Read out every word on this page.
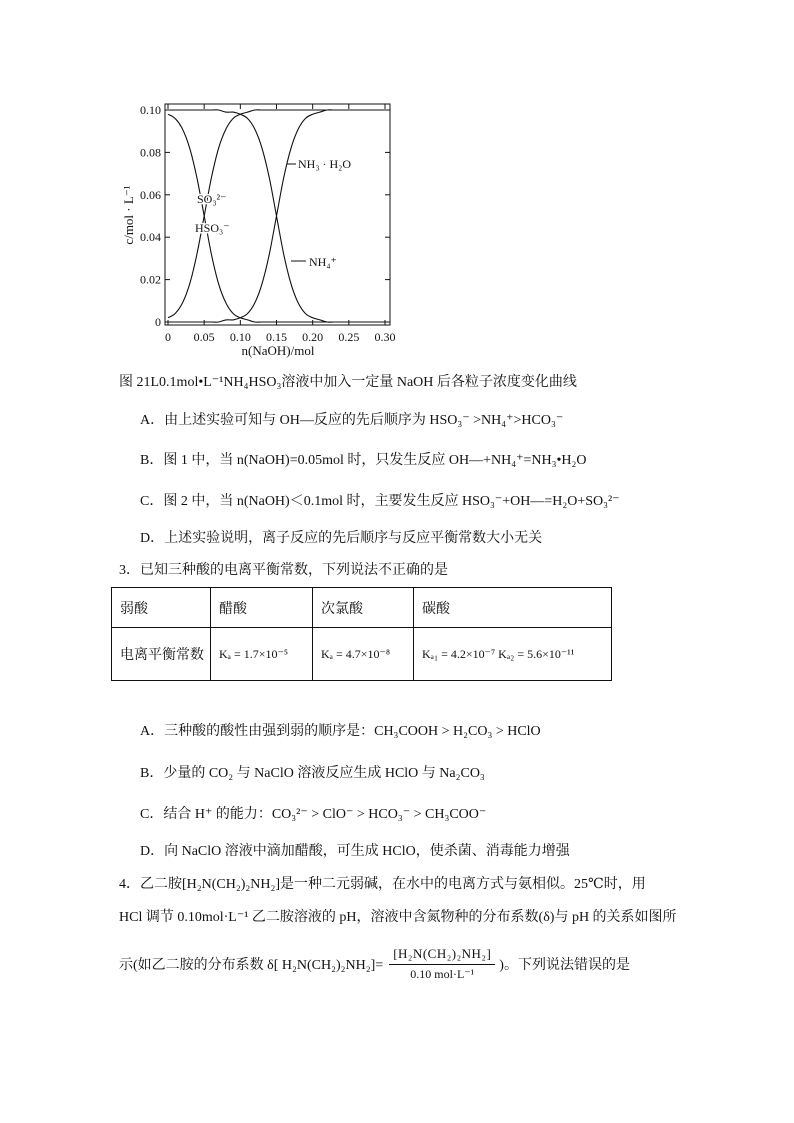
0
0.02
0.04
0.06
0.08
0.10
0 0.05 0.10 0.15 0.20 0.25 0.30
NH₃ · H₂O
SO₃²⁻
HSO₃⁻
NH₄⁺
c/mol · L⁻¹
n(NaOH)/mol
图 21L0.1mol•L⁻¹NH₄HSO₃溶液中加入一定量 NaOH 后各粒子浓度变化曲线
A．由上述实验可知与 OH—反应的先后顺序为 HSO₃⁻ >NH₄⁺>HCO₃⁻
B．图 1 中，当 n(NaOH)=0.05mol 时，只发生反应 OH—+NH₄⁺=NH₃•H₂O
C．图 2 中，当 n(NaOH)＜0.1mol 时，主要发生反应 HSO₃⁻+OH—=H₂O+SO₃²⁻
D．上述实验说明，离子反应的先后顺序与反应平衡常数大小无关
3．已知三种酸的电离平衡常数，下列说法不正确的是
弱酸	醋酸	次氯酸	碳酸
电离平衡常数	Kₐ = 1.7×10⁻⁵	Kₐ = 4.7×10⁻⁸	Kₐ₁ = 4.2×10⁻⁷ Kₐ₂ = 5.6×10⁻¹¹
A．三种酸的酸性由强到弱的顺序是：CH₃COOH > H₂CO₃ > HClO
B．少量的 CO₂ 与 NaClO 溶液反应生成 HClO 与 Na₂CO₃
C．结合 H⁺ 的能力：CO₃²⁻ > ClO⁻ > HCO₃⁻ > CH₃COO⁻
D．向 NaClO 溶液中滴加醋酸，可生成 HClO，使杀菌、消毒能力增强
4．乙二胺[H₂N(CH₂)₂NH₂]是一种二元弱碱，在水中的电离方式与氨相似。25℃时，用
HCl 调节 0.10mol·L⁻¹ 乙二胺溶液的 pH，溶液中含氮物种的分布系数(δ)与 pH 的关系如图所
示(如乙二胺的分布系数 δ[ $H_2N(CH_2)_2NH_2]= \frac{\text{[H₂N(CH₂)₂NH₂]}}{\text{0.10 mol·L⁻¹}}$ )。下列说法错误的是
